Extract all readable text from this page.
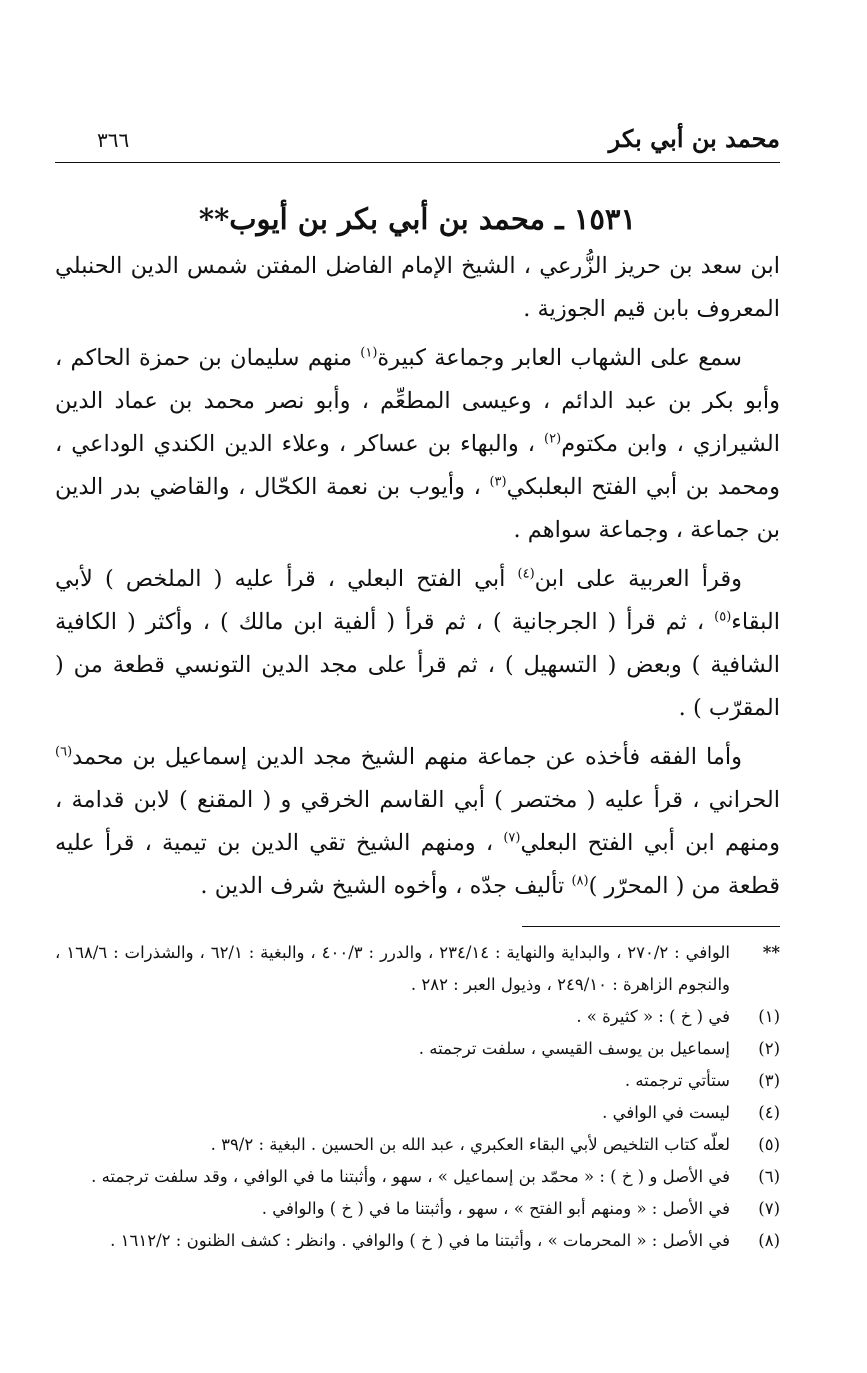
محمد بن أبي بكر
٣٦٦
١٥٣١ ـ محمد بن أبي بكر بن أيوب**

ابن سعد بن حريز الزُّرعي ، الشيخ الإمام الفاضل المفتن شمس الدين الحنبلي المعروف بابن قيم الجوزية .

سمع على الشهاب العابر وجماعة كبيرة$^{(١)}$ منهم سليمان بن حمزة الحاكم ، وأبو بكر بن عبد الدائم ، وعيسى المطعِّم ، وأبو نصر محمد بن عماد الدين الشيرازي ، وابن مكتوم$^{(٢)}$ ، والبهاء بن عساكر ، وعلاء الدين الكندي الوداعي ، ومحمد بن أبي الفتح البعلبكي$^{(٣)}$ ، وأيوب بن نعمة الكحّال ، والقاضي بدر الدين بن جماعة ، وجماعة سواهم .

وقرأ العربية على ابن$^{(٤)}$ أبي الفتح البعلي ، قرأ عليه ( الملخص ) لأبي البقاء$^{(٥)}$ ، ثم قرأ ( الجرجانية ) ، ثم قرأ ( ألفية ابن مالك ) ، وأكثر ( الكافية الشافية ) وبعض ( التسهيل ) ، ثم قرأ على مجد الدين التونسي قطعة من ( المقرّب ) .

وأما الفقه فأخذه عن جماعة منهم الشيخ مجد الدين إسماعيل بن محمد$^{(٦)}$ الحراني ، قرأ عليه ( مختصر ) أبي القاسم الخرقي و ( المقنع ) لابن قدامة ، ومنهم ابن أبي الفتح البعلي$^{(٧)}$ ، ومنهم الشيخ تقي الدين بن تيمية ، قرأ عليه قطعة من ( المحرّر )$^{(٨)}$ تأليف جدّه ، وأخوه الشيخ شرف الدين .

**
الوافي : ٢٧٠/٢ ، والبداية والنهاية : ٢٣٤/١٤ ، والدرر : ٤٠٠/٣ ، والبغية : ٦٢/١ ، والشذرات : ١٦٨/٦ ، والنجوم الزاهرة : ٢٤٩/١٠ ، وذيول العبر : ٢٨٢ .
(١)
في ( خ ) : « كثيرة » .
(٢)
إسماعيل بن يوسف القيسي ، سلفت ترجمته .
(٣)
ستأتي ترجمته .
(٤)
ليست في الوافي .
(٥)
لعلّه كتاب التلخيص لأبي البقاء العكبري ، عبد الله بن الحسين . البغية : ٣٩/٢ .
(٦)
في الأصل و ( خ ) : « محمّد بن إسماعيل » ، سهو ، وأثبتنا ما في الوافي ، وقد سلفت ترجمته .
(٧)
في الأصل : « ومنهم أبو الفتح » ، سهو ، وأثبتنا ما في ( خ ) والوافي .
(٨)
في الأصل : « المحرمات » ، وأثبتنا ما في ( خ ) والوافي . وانظر : كشف الظنون : ١٦١٢/٢ .
